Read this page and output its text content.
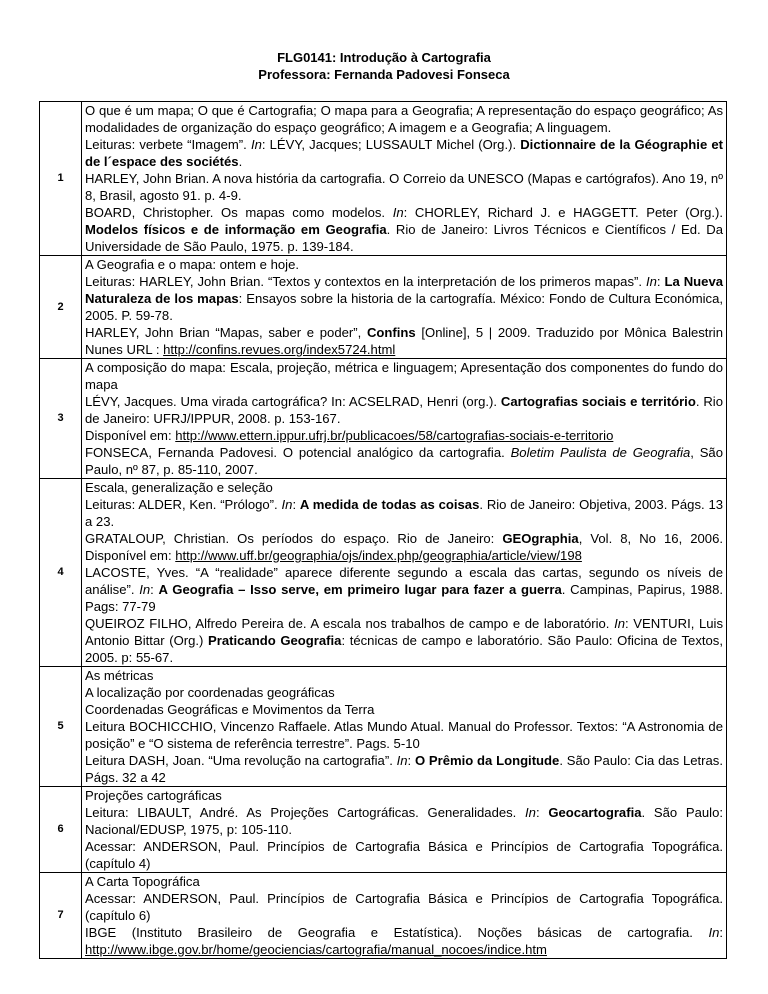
FLG0141: Introdução à Cartografia
Professora: Fernanda Padovesi Fonseca
1	O que é um mapa; O que é Cartografia; O mapa para a Geografia; A representação do espaço geográfico; As modalidades de organização do espaço geográfico; A imagem e a Geografia; A linguagem.
Leituras: verbete “Imagem”. In: LÉVY, Jacques; LUSSAULT Michel (Org.). Dictionnaire de la Géographie et de l´espace des sociétés.
HARLEY, John Brian. A nova história da cartografia. O Correio da UNESCO (Mapas e cartógrafos). Ano 19, nº 8, Brasil, agosto 91. p. 4-9.
BOARD, Christopher. Os mapas como modelos. In: CHORLEY, Richard J. e HAGGETT. Peter (Org.). Modelos físicos e de informação em Geografia. Rio de Janeiro: Livros Técnicos e Científicos / Ed. Da Universidade de São Paulo, 1975. p. 139-184.

2	A Geografia e o mapa: ontem e hoje.
Leituras: HARLEY, John Brian. “Textos y contextos en la interpretación de los primeros mapas”. In: La Nueva Naturaleza de los mapas: Ensayos sobre la historia de la cartografía. México: Fondo de Cultura Económica, 2005. P. 59-78.
HARLEY, John Brian “Mapas, saber e poder”, Confins [Online], 5 | 2009. Traduzido por Mônica Balestrin Nunes URL : http://confins.revues.org/index5724.html

3	A composição do mapa: Escala, projeção, métrica e linguagem; Apresentação dos componentes do fundo do mapa
LÉVY, Jacques. Uma virada cartográfica? In: ACSELRAD, Henri (org.). Cartografias sociais e território. Rio de Janeiro: UFRJ/IPPUR, 2008. p. 153-167.
Disponível em: http://www.ettern.ippur.ufrj.br/publicacoes/58/cartografias-sociais-e-territorio
FONSECA, Fernanda Padovesi. O potencial analógico da cartografia. Boletim Paulista de Geografia, São Paulo, nº 87, p. 85-110, 2007.

4	Escala, generalização e seleção
Leituras: ALDER, Ken. “Prólogo”. In: A medida de todas as coisas. Rio de Janeiro: Objetiva, 2003. Págs. 13 a 23.
GRATALOUP, Christian. Os períodos do espaço. Rio de Janeiro: GEOgraphia, Vol. 8, No 16, 2006. Disponível em: http://www.uff.br/geographia/ojs/index.php/geographia/article/view/198
LACOSTE, Yves. “A “realidade” aparece diferente segundo a escala das cartas, segundo os níveis de análise”. In: A Geografia – Isso serve, em primeiro lugar para fazer a guerra. Campinas, Papirus, 1988. Pags: 77-79
QUEIROZ FILHO, Alfredo Pereira de. A escala nos trabalhos de campo e de laboratório. In: VENTURI, Luis Antonio Bittar (Org.) Praticando Geografia: técnicas de campo e laboratório. São Paulo: Oficina de Textos, 2005. p: 55-67.

5	As métricas
A localização por coordenadas geográficas
Coordenadas Geográficas e Movimentos da Terra
Leitura BOCHICCHIO, Vincenzo Raffaele. Atlas Mundo Atual. Manual do Professor. Textos: “A Astronomia de posição” e “O sistema de referência terrestre”. Pags. 5-10
Leitura DASH, Joan. “Uma revolução na cartografia”. In: O Prêmio da Longitude. São Paulo: Cia das Letras. Págs. 32 a 42

6	Projeções cartográficas
Leitura: LIBAULT, André. As Projeções Cartográficas. Generalidades. In: Geocartografia. São Paulo: Nacional/EDUSP, 1975, p: 105-110.
Acessar: ANDERSON, Paul. Princípios de Cartografia Básica e Princípios de Cartografia Topográfica. (capítulo 4)

7	A Carta Topográfica
Acessar: ANDERSON, Paul. Princípios de Cartografia Básica e Princípios de Cartografia Topográfica. (capítulo 6)
IBGE (Instituto Brasileiro de Geografia e Estatística). Noções básicas de cartografia. In: http://www.ibge.gov.br/home/geociencias/cartografia/manual_nocoes/indice.htm
